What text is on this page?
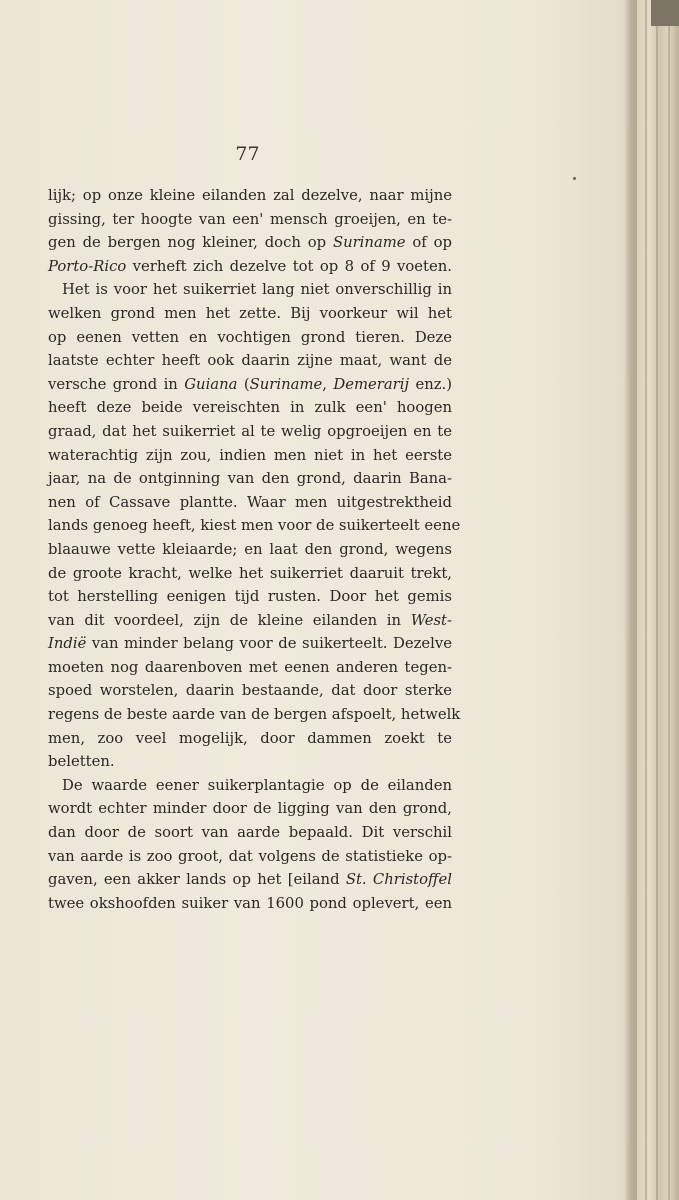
77
lijk; op onze kleine eilanden zal dezelve, naar mijne
gissing, ter hoogte van een' mensch groeijen, en te-
gen de bergen nog kleiner, doch op Suriname of op
Porto-Rico verheft zich dezelve tot op 8 of 9 voeten.
Het is voor het suikerriet lang niet onverschillig in
welken grond men het zette. Bij voorkeur wil het
op eenen vetten en vochtigen grond tieren. Deze
laatste echter heeft ook daarin zijne maat, want de
versche grond in Guiana (Suriname, Demerarij enz.)
heeft deze beide vereischten in zulk een' hoogen
graad, dat het suikerriet al te welig opgroeijen en te
waterachtig zijn zou, indien men niet in het eerste
jaar, na de ontginning van den grond, daarin Bana-
nen of Cassave plantte. Waar men uitgestrektheid
lands genoeg heeft, kiest men voor de suikerteelt eene
blaauwe vette kleiaarde; en laat den grond, wegens
de groote kracht, welke het suikerriet daaruit trekt,
tot herstelling eenigen tijd rusten. Door het gemis
van dit voordeel, zijn de kleine eilanden in West-
Indië van minder belang voor de suikerteelt. Dezelve
moeten nog daarenboven met eenen anderen tegen-
spoed worstelen, daarin bestaande, dat door sterke
regens de beste aarde van de bergen afspoelt, hetwelk
men, zoo veel mogelijk, door dammen zoekt te
beletten.
De waarde eener suikerplantagie op de eilanden
wordt echter minder door de ligging van den grond,
dan door de soort van aarde bepaald. Dit verschil
van aarde is zoo groot, dat volgens de statistieke op-
gaven, een akker lands op het [eiland St. Christoffel
twee okshoofden suiker van 1600 pond oplevert, een
